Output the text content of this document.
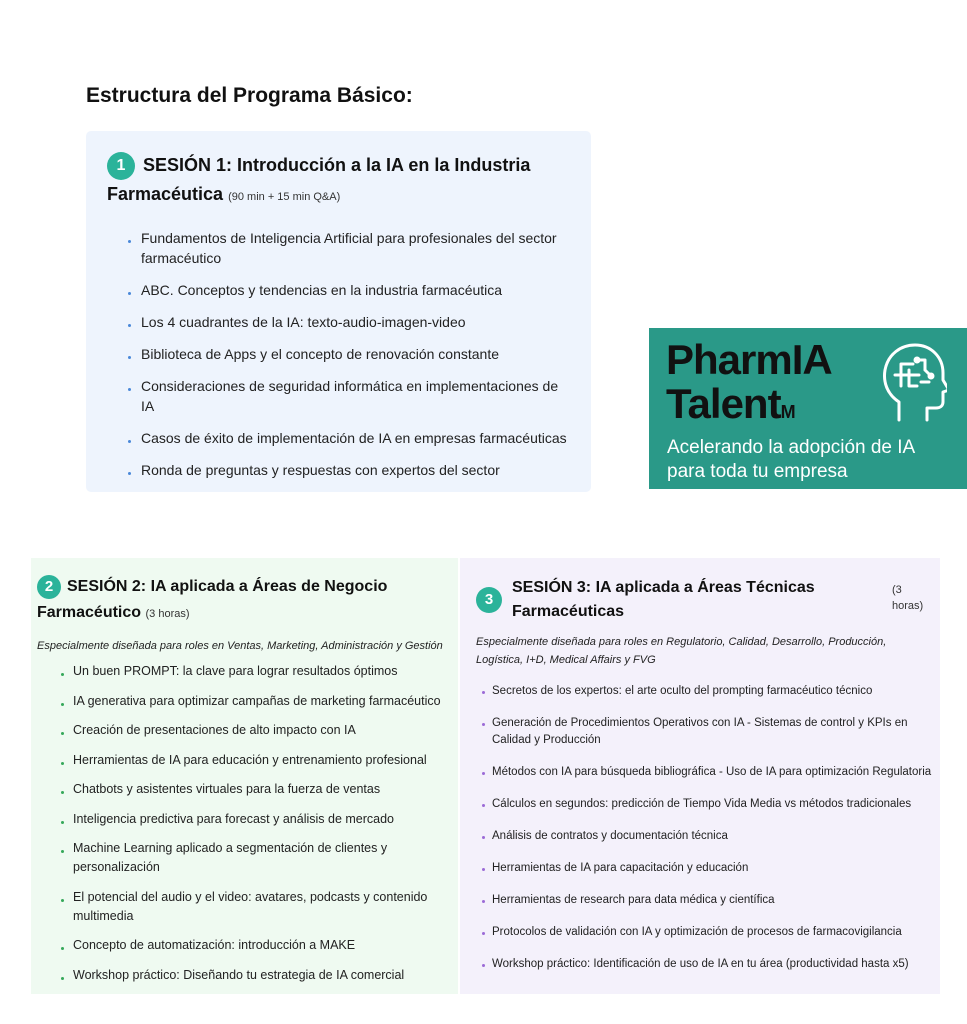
Estructura del Programa Básico:
1 SESIÓN 1: Introducción a la IA en la Industria Farmacéutica (90 min + 15 min Q&A)
Fundamentos de Inteligencia Artificial para profesionales del sector farmacéutico
ABC. Conceptos y tendencias en la industria farmacéutica
Los 4 cuadrantes de la IA: texto-audio-imagen-video
Biblioteca de Apps y el concepto de renovación constante
Consideraciones de seguridad informática en implementaciones de IA
Casos de éxito de implementación de IA en empresas farmacéuticas
Ronda de preguntas y respuestas con expertos del sector
PharmIA
TalentM
Acelerando la adopción de IA para toda tu empresa
2 SESIÓN 2: IA aplicada a Áreas de Negocio Farmacéutico (3 horas)
Especialmente diseñada para roles en Ventas, Marketing, Administración y Gestión
Un buen PROMPT: la clave para lograr resultados óptimos
IA generativa para optimizar campañas de marketing farmacéutico
Creación de presentaciones de alto impacto con IA
Herramientas de IA para educación y entrenamiento profesional
Chatbots y asistentes virtuales para la fuerza de ventas
Inteligencia predictiva para forecast y análisis de mercado
Machine Learning aplicado a segmentación de clientes y personalización
El potencial del audio y el video: avatares, podcasts y contenido multimedia
Concepto de automatización: introducción a MAKE
Workshop práctico: Diseñando tu estrategia de IA comercial
3
SESIÓN 3: IA aplicada a Áreas Técnicas Farmacéuticas
(3 horas)
Especialmente diseñada para roles en Regulatorio, Calidad, Desarrollo, Producción, Logística, I+D, Medical Affairs y FVG
Secretos de los expertos: el arte oculto del prompting farmacéutico técnico
Generación de Procedimientos Operativos con IA - Sistemas de control y KPIs en Calidad y Producción
Métodos con IA para búsqueda bibliográfica - Uso de IA para optimización Regulatoria
Cálculos en segundos: predicción de Tiempo Vida Media vs métodos tradicionales
Análisis de contratos y documentación técnica
Herramientas de IA para capacitación y educación
Herramientas de research para data médica y científica
Protocolos de validación con IA y optimización de procesos de farmacovigilancia
Workshop práctico: Identificación de uso de IA en tu área (productividad hasta x5)
